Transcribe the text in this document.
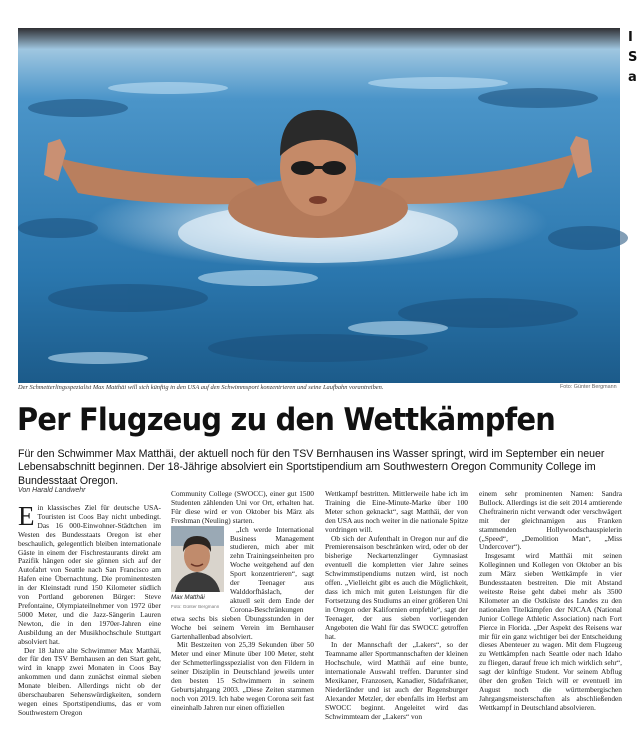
Der Schmetterlingsspezialist Max Matthäi will sich künftig in den USA auf den Schwimmsport konzentrieren und seine Laufbahn vorantreiben.	Foto: Günter Bergmann
Per Flugzeug zu den Wettkämpfen
Für den Schwimmer Max Matthäi, der aktuell noch für den TSV Bernhausen ins Wasser springt, wird im September ein neuer Lebensabschnitt beginnen. Der 18-Jährige absolviert ein Sportstipendium am Southwestern Oregon Community College im Bundesstaat Oregon.
Von Harald Landwehr

Ein klassisches Ziel für deutsche USA-Touristen ist Coos Bay nicht unbedingt. Das 16 000-Einwohner-Städtchen im Westen des Bundesstaats Oregon ist eher beschaulich, gelegentlich bleiben internationale Gäste in einem der Fischrestaurants direkt am Pazifik hängen oder sie gönnen sich auf der Autofahrt von Seattle nach San Francisco am Hafen eine Übernachtung. Die prominentesten in der Kleinstadt rund 150 Kilometer südlich von Portland geborenen Bürger: Steve Prefontaine, Olympiateilnehmer von 1972 über 5000 Meter, und die Jazz-Sängerin Lauren Newton, die in den 1970er-Jahren eine Ausbildung an der Musikhochschule Stuttgart absolviert hat.

Der 18 Jahre alte Schwimmer Max Matthäi, der für den TSV Bernhausen an den Start geht, wird in knapp zwei Monaten in Coos Bay ankommen und dann zunächst einmal sieben Monate bleiben. Allerdings nicht ob der überschaubaren Sehenswürdigkeiten, sondern wegen eines Sportstipendiums, das er vom Southwestern Oregon

Community College (SWOCC), einer gut 1500 Studenten zählenden Uni vor Ort, erhalten hat. Für diese wird er von Oktober bis März als Freshman (Neuling) starten.

Max Matthäi
Foto: Günter Bergmann

„Ich werde International Business Management studieren, mich aber mit zehn Trainingseinheiten pro Woche weitgehend auf den Sport konzentrieren“, sagt der Teenager aus Walddorfhäslach, der aktuell seit dem Ende der Corona-Beschränkungen etwa sechs bis sieben Übungsstunden in der Woche bei seinem Verein im Bernhauser Gartenhallenbad absolviert.

Mit Bestzeiten von 25,39 Sekunden über 50 Meter und einer Minute über 100 Meter, steht der Schmetterlingsspezialist von den Fildern in seiner Disziplin in Deutschland jeweils unter den besten 15 Schwimmern in seinem Geburtsjahrgang 2003. „Diese Zeiten stammen noch von 2019. Ich habe wegen Corona seit fast eineinhalb Jahren nur einen offiziellen

Wettkampf bestritten. Mittlerweile habe ich im Training die Eine-Minute-Marke über 100 Meter schon geknackt“, sagt Matthäi, der von den USA aus noch weiter in die nationale Spitze vordringen will.

Ob sich der Aufenthalt in Oregon nur auf die Premierensaison beschränken wird, oder ob der bisherige Neckartenzlinger Gymnasiast eventuell die kompletten vier Jahre seines Schwimmstipendiums nutzen wird, ist noch offen. „Vielleicht gibt es auch die Möglichkeit, dass ich mich mit guten Leistungen für die Fortsetzung des Studiums an einer größeren Uni in Oregon oder Kalifornien empfehle“, sagt der Teenager, der aus sieben vorliegenden Angeboten die Wahl für das SWOCC getroffen hat.

In der Mannschaft der „Lakers“, so der Teamname aller Sportmannschaften der kleinen Hochschule, wird Matthäi auf eine bunte, internationale Auswahl treffen. Darunter sind Mexikaner, Franzosen, Kanadier, Südafrikaner, Niederländer und ist auch der Regensburger Alexander Metzler, der ebenfalls im Herbst am SWOCC beginnt. Angeleitet wird das Schwimmteam der „Lakers“ von

einem sehr prominenten Namen: Sandra Bullock. Allerdings ist die seit 2014 amtierende Cheftrainerin nicht verwandt oder verschwägert mit der gleichnamigen aus Franken stammenden Hollywoodschauspielerin („Speed“, „Demolition Man“, „Miss Undercover“).

Insgesamt wird Matthäi mit seinen Kolleginnen und Kollegen von Oktober an bis zum März sieben Wettkämpfe in vier Bundesstaaten bestreiten. Die mit Abstand weiteste Reise geht dabei mehr als 3500 Kilometer an die Ostküste des Landes zu den nationalen Titelkämpfen der NJCAA (National Junior College Athletic Association) nach Fort Pierce in Florida. „Der Aspekt des Reisens war mir für ein ganz wichtiger bei der Entscheidung dieses Abenteuer zu wagen. Mit dem Flugzeug zu Wettkämpfen nach Seattle oder nach Idaho zu fliegen, darauf freue ich mich wirklich sehr“, sagt der künftige Student. Vor seinem Abflug über den großen Teich will er eventuell im August noch die württembergischen Jahrgangsmeisterschaften als abschließenden Wettkampf in Deutschland absolvieren.

I
S
a
